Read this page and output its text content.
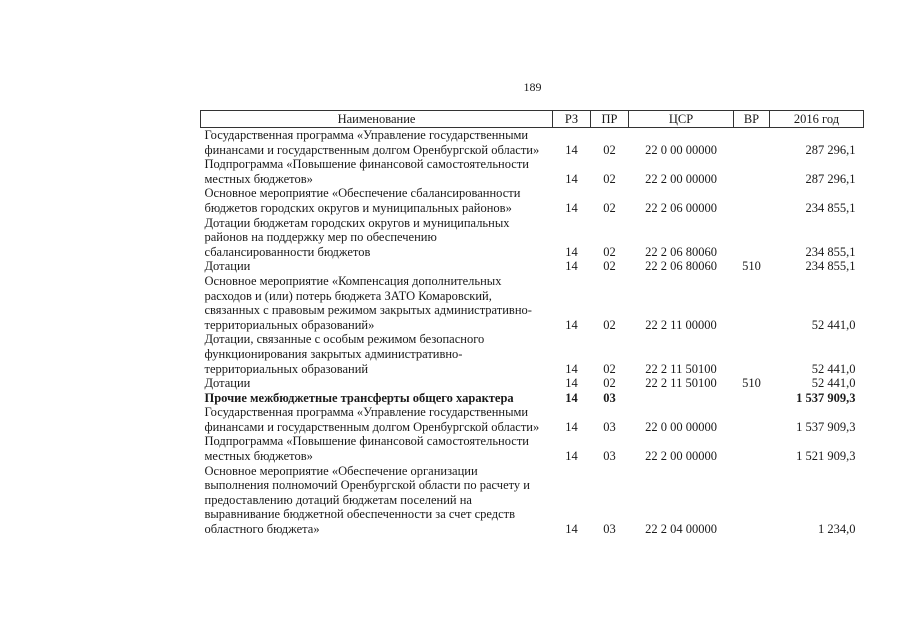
189
Наименование	РЗ	ПР	ЦСР	ВР	2016 год

Государственная программа «Управление государственными
финансами и государственным долгом Оренбургской области»	14	02	22 0 00 00000		287 296,1

Подпрограмма «Повышение финансовой самостоятельности
местных бюджетов»	14	02	22 2 00 00000		287 296,1

Основное мероприятие «Обеспечение сбалансированности
бюджетов городских округов и муниципальных районов»	14	02	22 2 06 00000		234 855,1

Дотации бюджетам городских округов и муниципальных
районов на поддержку мер по обеспечению
сбалансированности бюджетов	14	02	22 2 06 80060		234 855,1

Дотации	14	02	22 2 06 80060	510	234 855,1

Основное мероприятие «Компенсация дополнительных
расходов и (или) потерь бюджета ЗАТО Комаровский,
связанных с правовым режимом закрытых административно-
территориальных образований»	14	02	22 2 11 00000		52 441,0

Дотации, связанные с особым режимом безопасного
функционирования закрытых административно-
территориальных образований	14	02	22 2 11 50100		52 441,0

Дотации	14	02	22 2 11 50100	510	52 441,0

Прочие межбюджетные трансферты общего характера	14	03			1 537 909,3

Государственная программа «Управление государственными
финансами и государственным долгом Оренбургской области»	14	03	22 0 00 00000		1 537 909,3

Подпрограмма «Повышение финансовой самостоятельности
местных бюджетов»	14	03	22 2 00 00000		1 521 909,3

Основное мероприятие «Обеспечение организации
выполнения полномочий Оренбургской области по расчету и
предоставлению дотаций бюджетам поселений на
выравнивание бюджетной обеспеченности за счет средств
областного бюджета»	14	03	22 2 04 00000		1 234,0
